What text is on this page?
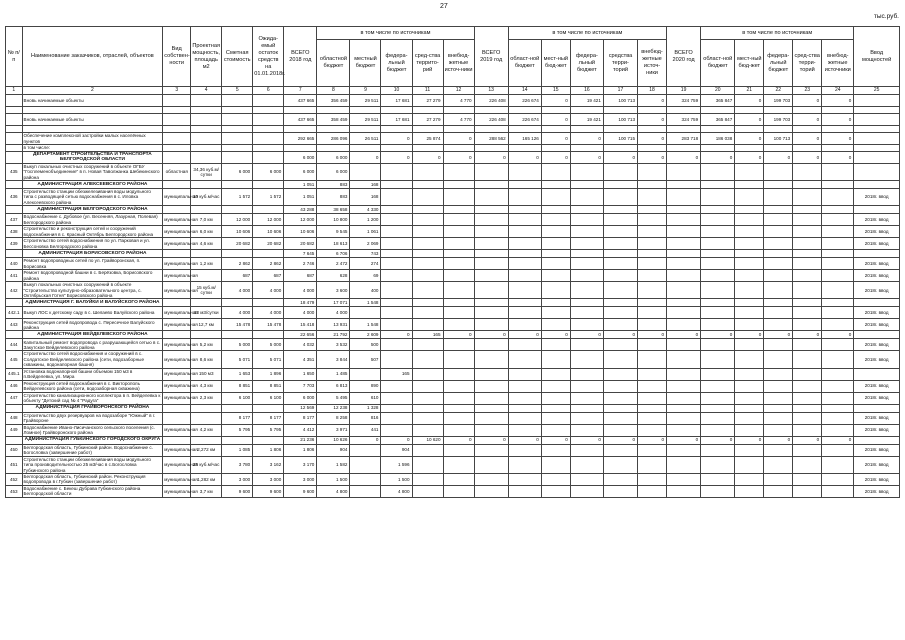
27
тыс.руб.
№ п/п	Наименование заказчиков, отраслей, объектов	Вид собствен-ности	Проектная мощность, площадь м2	Сметная стоимость	Ожида-емый остаток средств на 01.01.2018г.	ВСЕГО 2018 год	в том числе по источникам					ВСЕГО 2019 год	в том числе по источникам					ВСЕГО 2020 год	в том числе по источникам					Ввод мощностей
							областной бюджет	местный бюджет	федера-льный бюджет	сред-ства террито-рий	внебюд-жетные источ-ники		област-ной бюджет	мест-ный бюд-жет	федера-льный бюджет	средства терри-торий	внебюд-жетные источ-ники		област-ной бюджет	мест-ный бюд-жет	федера-льный бюджет	сред-ства терри-торий	внебюд-жетные источники	
1	2	3	4	5	6	7	8	9	10	11	12	13	14	15	16	17	18	19	20	21	22	23	24	25
	Вновь начинаемые объекты					437 665	356 459	29 511	17 681	27 279	4 770	226 408	226 674	0	19 421	100 713	0	324 759	365 847	0	199 703	0	0	

	Вновь начинаемые объекты					437 665	358 459	29 511	17 681	27 279	4 770	226 408	226 674	0	19 421	100 713	0	324 759	365 847	0	199 703	0	0	

	Обеспечение комплексной застройки малых населённых пунктов					292 665	286 096	26 511	0	25 874	0	288 562	165 126	0	0	100 715	0	283 718	186 038	0	100 713	0	0	
	в том числе:																							
	ДЕПАРТАМЕНТ СТРОИТЕЛЬСТВА И ТРАНСПОРТА БЕЛГОРОДСКОЙ ОБЛАСТИ					6 000	6 000	0	0	0	0	0	0	0	0	0	0	0	0	0	0	0	0	
435	Выкуп локальных очистных сооружений в объекте ОГБУ "Госплеменобъединение" в п. Новая Таволжанка Шебекинского района	областная	34,36 куб.м/сутки	6 000	6 000	6 000	6 000																	
	АДМИНИСТРАЦИЯ АЛЕКСЕЕВСКОГО РАЙОНА					1 051	883	168																
436	Строительство станции обезжелезивания воды модульного типа с разводящей сетью водоснабжения в с. Иловка Алексеевского района	муниципальная	10 куб.м/час	1 572	1 572	1 051	883	168																2018г. ввод
	АДМИНИСТРАЦИЯ БЕЛГОРОДСКОГО РАЙОНА					43 288	38 658	4 330																
437	Водоснабжение с. Дубовое (ул. Весенняя, Лазурная, Полевая) Белгородского района	муниципальная	7,0 км	12 000	12 000	12 000	10 800	1 200																2018г. ввод
438	Строительство и реконструкция сетей и сооружений водоснабжения в с. Красный Октябрь Белгородского района	муниципальная	6,0 км	10 606	10 606	10 606	9 545	1 061																2018г. ввод
439	Строительство сетей водоснабжения по ул. Парковая и ул. Бессоновка Белгородского района	муниципальная	4,6 км	20 682	20 682	20 682	18 613	2 069																2018г. ввод
	АДМИНИСТРАЦИЯ БОРИСОВСКОГО РАЙОНА					7 645	6 706	743																
440	Ремонт водопроводных сетей по ул. Грайворонская, п. Борисовка	муниципальная	1,2 км	2 862	2 862	2 746	2 472	274																2018г. ввод
441	Ремонт водопроводной башни в с. Берёзовка, Борисовского района	муниципальная		687	687	687	628	69																2018г. ввод
442	Выкуп локальных очистных сооружений в объекте "Строительство культурно-образовательного центра, с. Октябрьская Готня" Борисовского района	муниципальная	15 куб.м/сутки	4 000	4 000	4 000	3 600	400																2018г. ввод
	АДМИНИСТРАЦИЯ Г. ВАЛУЙКИ И ВАЛУЙСКОГО РАЙОНА					18 479	17 071	1 548																
442.1	Выкуп ЛОС к детскому саду в с. Шелаево Валуйского района	муниципальная	13 м3/сутки	4 000	4 000	4 000	4 000																	2018г. ввод
443	Реконструкция сетей водопровода с. Пересечное Валуйского района	муниципальная	12,7 км	15 478	15 478	15 418	13 931	1 548																2018г. ввод
	АДМИНИСТРАЦИЯ ВЕЙДЕЛЕВСКОГО РАЙОНА					22 656	21 792	2 609	0	165	0	0	0	0	0	0	0	0	0	0	0	0	0	
444	Капитальный ремонт водопровода с разрушающейся сетью в с. Закутское Вейделевского района	муниципальная	5,2 км	5 000	5 000	4 032	3 532	500																2018г. ввод
445	Строительство сетей водоснабжения и сооружений в с. Солдатское Вейделевского района (сети, водозаборные скважины, водонапорная башня)	муниципальная	8,6 км	5 071	5 071	4 351	3 844	507																2018г. ввод
445.1	Установка водонапорной башни объемом 150 м3 в п.Вейделевка, ул. Мира	муниципальная	150 м3	1 653	1 896	1 650	1 485		165															
446	Реконструкция сетей водоснабжения в с. Викторополь Вейделевского района (сети, водозаборная скважина)	муниципальная	4,3 км	8 851	8 851	7 703	6 813	890																2018г. ввод
447	Строительство канализационного коллектора в п. Вейделевка к объекту "Детский сад № 4 "Радуга"	муниципальная	2,3 км	6 100	6 100	6 000	5 495	610																2018г. ввод
	АДМИНИСТРАЦИЯ ГРАЙВОРОНСКОГО РАЙОНА					12 569	12 238	1 328																
448	Строительство двух резервуаров на водозаборе "Южный" в г. Грайвороне			8 177	8 177	8 177	8 258	816																2018г. ввод
449	Водоснабжение Ивано-Лисичанского сельского поселения (с. Ломное) Грайворонского района	муниципальная	4,2 км	5 795	5 795	4 412	3 971	441																2018г. ввод
	АДМИНИСТРАЦИЯ ГУБКИНСКОГО ГОРОДСКОГО ОКРУГА					21 236	10 626	0	0	10 620	0	0	0	0	0	0	0	0	0	0	0	0	0	
450	Белгородская область, Губкинский район. Водоснабжение с. Богословка (завершение работ)	муниципальная	2,272 км	1 085	1 806	1 806	904		904															2018г. ввод
451	Строительство станции обезжелезивания воды модульного типа производительностью 25 м3/час в с.Богословка Губкинского района	муниципальная	25 куб.м/час	3 780	3 162	3 170	1 582		1 596															2018г. ввод
452	Белгородская область, Губкинский район. Реконструкция водопровода в г.Губкин (завершение работ)	муниципальная	1,282 км	3 000	3 000	3 000	1 500		1 500															2018г. ввод
453	Водоснабжение с. Бекеш Дубрава Губкинского района Белгородской области	муниципальная	3,7 км	9 600	9 600	9 600	4 800		4 800															2018г. ввод
